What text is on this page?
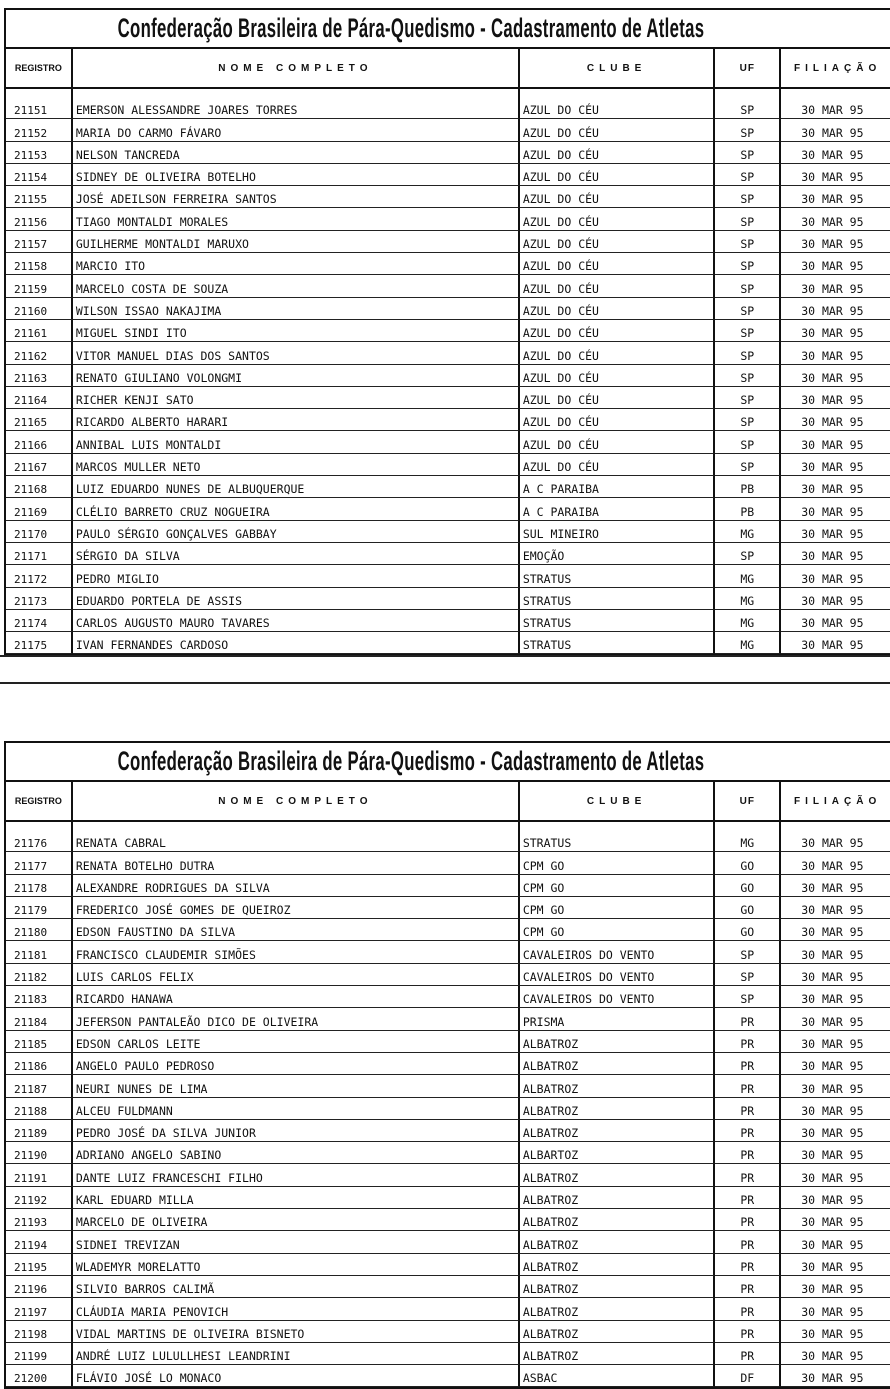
Confederação Brasileira de Pára-Quedismo - Cadastramento de Atletas
REGISTRO	NOME COMPLETO	CLUBE	UF	FILIAÇÃO
21151	EMERSON ALESSANDRE JOARES TORRES	AZUL DO CÉU	SP	30 MAR 95
21152	MARIA DO CARMO FÁVARO	AZUL DO CÉU	SP	30 MAR 95
21153	NELSON TANCREDA	AZUL DO CÉU	SP	30 MAR 95
21154	SIDNEY DE OLIVEIRA BOTELHO	AZUL DO CÉU	SP	30 MAR 95
21155	JOSÉ ADEILSON FERREIRA SANTOS	AZUL DO CÉU	SP	30 MAR 95
21156	TIAGO MONTALDI MORALES	AZUL DO CÉU	SP	30 MAR 95
21157	GUILHERME MONTALDI MARUXO	AZUL DO CÉU	SP	30 MAR 95
21158	MARCIO ITO	AZUL DO CÉU	SP	30 MAR 95
21159	MARCELO COSTA DE SOUZA	AZUL DO CÉU	SP	30 MAR 95
21160	WILSON ISSAO NAKAJIMA	AZUL DO CÉU	SP	30 MAR 95
21161	MIGUEL SINDI ITO	AZUL DO CÉU	SP	30 MAR 95
21162	VITOR MANUEL DIAS DOS SANTOS	AZUL DO CÉU	SP	30 MAR 95
21163	RENATO GIULIANO VOLONGMI	AZUL DO CÉU	SP	30 MAR 95
21164	RICHER KENJI SATO	AZUL DO CÉU	SP	30 MAR 95
21165	RICARDO ALBERTO HARARI	AZUL DO CÉU	SP	30 MAR 95
21166	ANNIBAL LUIS MONTALDI	AZUL DO CÉU	SP	30 MAR 95
21167	MARCOS MULLER NETO	AZUL DO CÉU	SP	30 MAR 95
21168	LUIZ EDUARDO NUNES DE ALBUQUERQUE	A C PARAIBA	PB	30 MAR 95
21169	CLÉLIO BARRETO CRUZ NOGUEIRA	A C PARAIBA	PB	30 MAR 95
21170	PAULO SÉRGIO GONÇALVES GABBAY	SUL MINEIRO	MG	30 MAR 95
21171	SÉRGIO DA SILVA	EMOÇÃO	SP	30 MAR 95
21172	PEDRO MIGLIO	STRATUS	MG	30 MAR 95
21173	EDUARDO PORTELA DE ASSIS	STRATUS	MG	30 MAR 95
21174	CARLOS AUGUSTO MAURO TAVARES	STRATUS	MG	30 MAR 95
21175	IVAN FERNANDES CARDOSO	STRATUS	MG	30 MAR 95
Confederação Brasileira de Pára-Quedismo - Cadastramento de Atletas
REGISTRO	NOME COMPLETO	CLUBE	UF	FILIAÇÃO
21176	RENATA CABRAL	STRATUS	MG	30 MAR 95
21177	RENATA BOTELHO DUTRA	CPM GO	GO	30 MAR 95
21178	ALEXANDRE RODRIGUES DA SILVA	CPM GO	GO	30 MAR 95
21179	FREDERICO JOSÉ GOMES DE QUEIROZ	CPM GO	GO	30 MAR 95
21180	EDSON FAUSTINO DA SILVA	CPM GO	GO	30 MAR 95
21181	FRANCISCO CLAUDEMIR SIMÕES	CAVALEIROS DO VENTO	SP	30 MAR 95
21182	LUIS CARLOS FELIX	CAVALEIROS DO VENTO	SP	30 MAR 95
21183	RICARDO HANAWA	CAVALEIROS DO VENTO	SP	30 MAR 95
21184	JEFERSON PANTALEÃO DICO DE OLIVEIRA	PRISMA	PR	30 MAR 95
21185	EDSON CARLOS LEITE	ALBATROZ	PR	30 MAR 95
21186	ANGELO PAULO PEDROSO	ALBATROZ	PR	30 MAR 95
21187	NEURI NUNES DE LIMA	ALBATROZ	PR	30 MAR 95
21188	ALCEU FULDMANN	ALBATROZ	PR	30 MAR 95
21189	PEDRO JOSÉ DA SILVA JUNIOR	ALBATROZ	PR	30 MAR 95
21190	ADRIANO ANGELO SABINO	ALBARTOZ	PR	30 MAR 95
21191	DANTE LUIZ FRANCESCHI FILHO	ALBATROZ	PR	30 MAR 95
21192	KARL EDUARD MILLA	ALBATROZ	PR	30 MAR 95
21193	MARCELO DE OLIVEIRA	ALBATROZ	PR	30 MAR 95
21194	SIDNEI TREVIZAN	ALBATROZ	PR	30 MAR 95
21195	WLADEMYR MORELATTO	ALBATROZ	PR	30 MAR 95
21196	SILVIO BARROS CALIMÃ	ALBATROZ	PR	30 MAR 95
21197	CLÁUDIA MARIA PENOVICH	ALBATROZ	PR	30 MAR 95
21198	VIDAL MARTINS DE OLIVEIRA BISNETO	ALBATROZ	PR	30 MAR 95
21199	ANDRÉ LUIZ LULULLHESI LEANDRINI	ALBATROZ	PR	30 MAR 95
21200	FLÁVIO JOSÉ LO MONACO	ASBAC	DF	30 MAR 95
